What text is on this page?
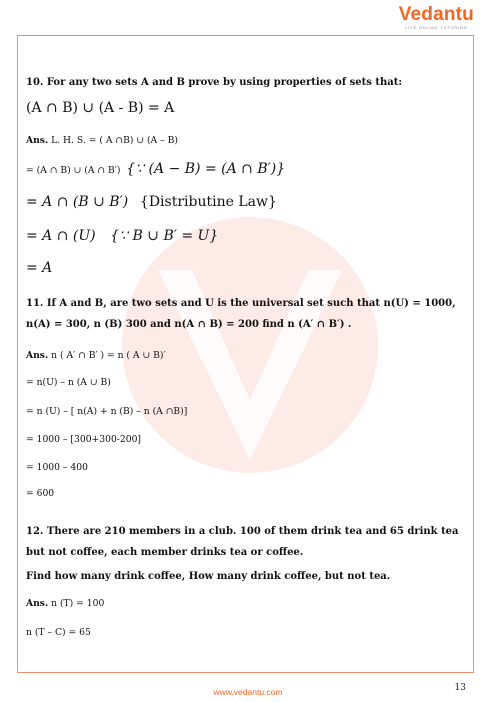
Vedantu
LIVE ONLINE TUTORING
10. For any two sets A and B prove by using properties of sets that:
(A ∩ B) ∪ (A - B) = A
Ans. L. H. S. = ( A ∩B) ∪ (A – B)
= (A ∩ B) ∪ (A ∩ B′) {∵ (A − B) = (A ∩ B′)}
= A ∩ (B ∪ B′) {Distributine Law}
= A ∩ (U) {∵ B ∪ B′ = U}
= A
11. If A and B, are two sets and U is the universal set such that n(U) = 1000, n(A) = 300, n (B) 300 and n(A ∩ B) = 200 find n (A′ ∩ B′) .
Ans. n ( A′ ∩ B′ ) = n ( A ∪ B)′
= n(U) – n (A ∪ B)
= n (U) – [ n(A) + n (B) – n (A ∩B)]
= 1000 – [300+300-200]
= 1000 – 400
= 600
12. There are 210 members in a club. 100 of them drink tea and 65 drink tea but not coffee, each member drinks tea or coffee.
Find how many drink coffee, How many drink coffee, but not tea.
Ans. n (T) = 100
n (T – C) = 65
13
www.vedantu.com
